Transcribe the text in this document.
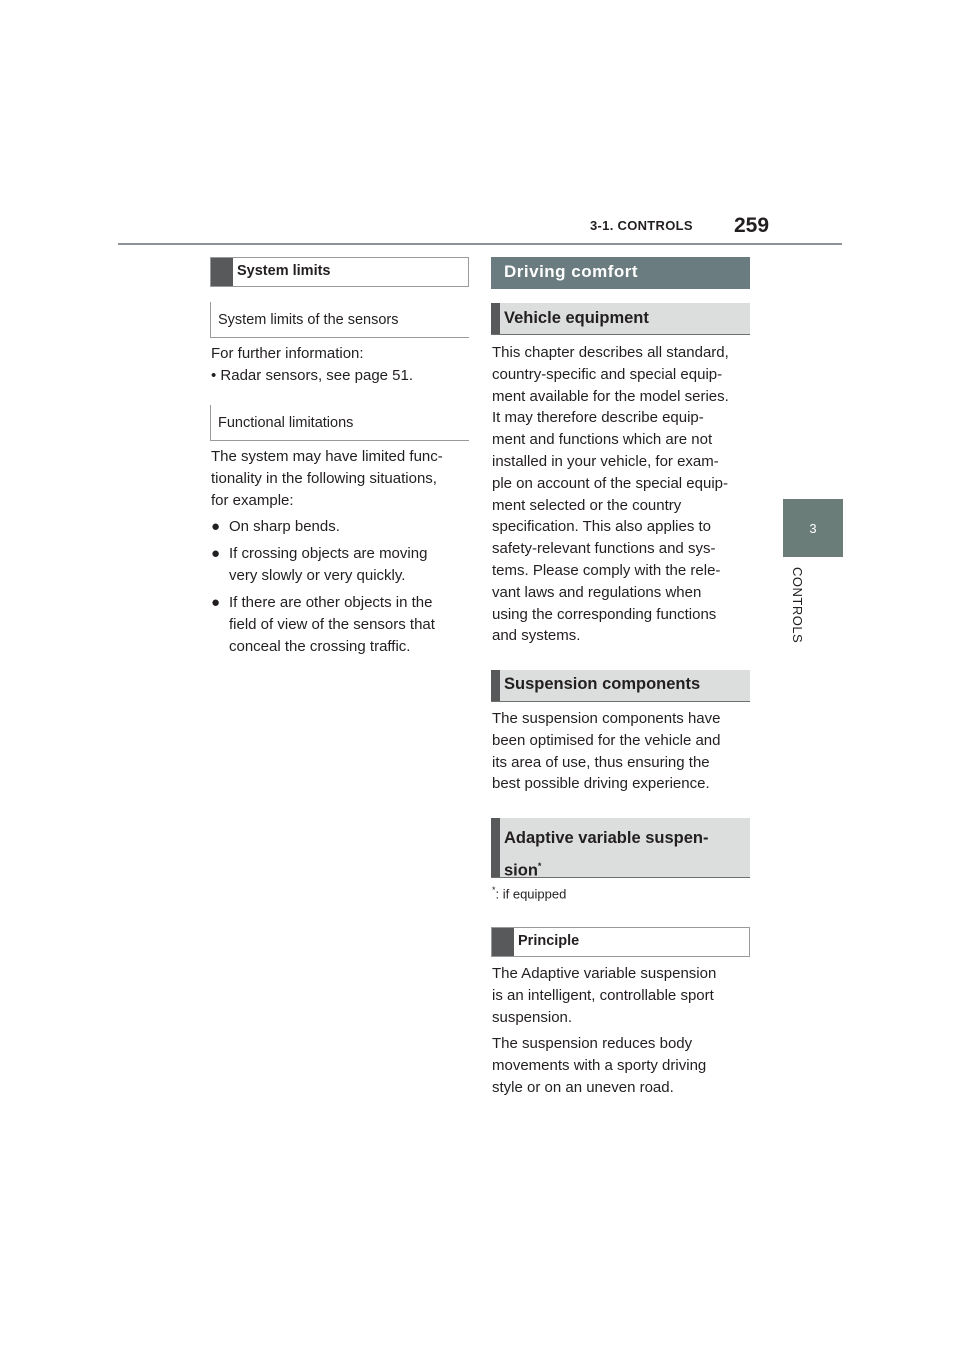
3-1. CONTROLS 259
3
CONTROLS
System limits
System limits of the sensors
For further information:
• Radar sensors, see page 51.
Functional limitations
The system may have limited func-
tionality in the following situations,
for example:
● On sharp bends.
● If crossing objects are moving
very slowly or very quickly.
● If there are other objects in the
field of view of the sensors that
conceal the crossing traffic.
Driving comfort
Vehicle equipment
This chapter describes all standard,
country-specific and special equip-
ment available for the model series.
It may therefore describe equip-
ment and functions which are not
installed in your vehicle, for exam-
ple on account of the special equip-
ment selected or the country
specification. This also applies to
safety-relevant functions and sys-
tems. Please comply with the rele-
vant laws and regulations when
using the corresponding functions
and systems.
Suspension components
The suspension components have
been optimised for the vehicle and
its area of use, thus ensuring the
best possible driving experience.
Adaptive variable suspen-
sion*
*: if equipped
Principle
The Adaptive variable suspension
is an intelligent, controllable sport
suspension.
The suspension reduces body
movements with a sporty driving
style or on an uneven road.
